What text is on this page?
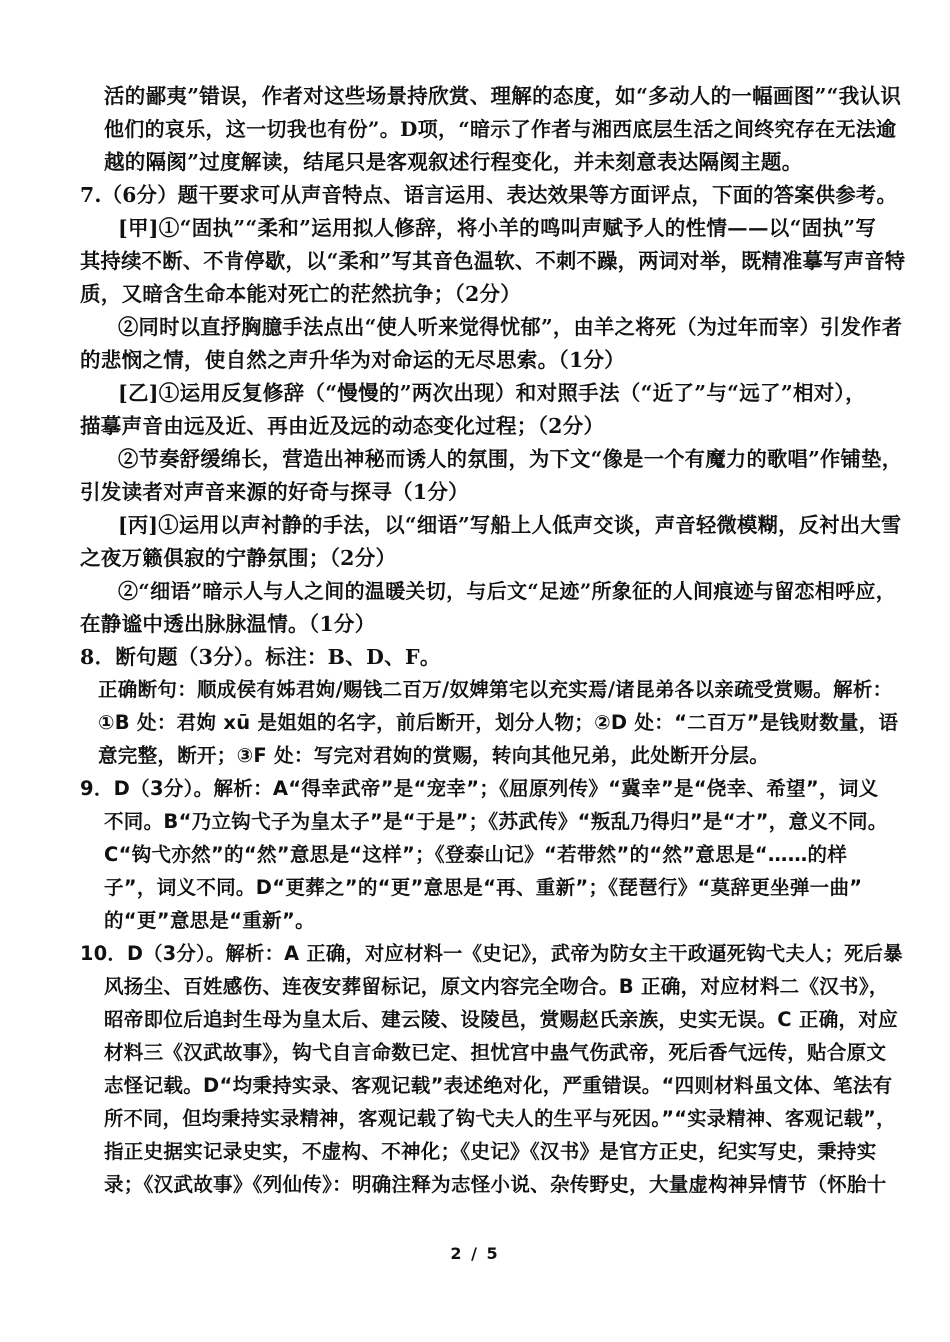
活的鄙夷”错误，作者对这些场景持欣赏、理解的态度，如“多动人的一幅画图”“我认识
他们的哀乐，这一切我也有份”。D项，“暗示了作者与湘西底层生活之间终究存在无法逾
越的隔阂”过度解读，结尾只是客观叙述行程变化，并未刻意表达隔阂主题。
7.（6分）题干要求可从声音特点、语言运用、表达效果等方面评点，下面的答案供参考。
[甲]①“固执”“柔和”运用拟人修辞，将小羊的鸣叫声赋予人的性情——以“固执”写
其持续不断、不肯停歇，以“柔和”写其音色温软、不刺不躁，两词对举，既精准摹写声音特
质，又暗含生命本能对死亡的茫然抗争；（2分）
②同时以直抒胸臆手法点出“使人听来觉得忧郁”，由羊之将死（为过年而宰）引发作者
的悲悯之情，使自然之声升华为对命运的无尽思索。（1分）
[乙]①运用反复修辞（“慢慢的”两次出现）和对照手法（“近了”与“远了”相对），
描摹声音由远及近、再由近及远的动态变化过程；（2分）
②节奏舒缓绵长，营造出神秘而诱人的氛围，为下文“像是一个有魔力的歌唱”作铺垫，
引发读者对声音来源的好奇与探寻（1分）
[丙]①运用以声衬静的手法，以“细语”写船上人低声交谈，声音轻微模糊，反衬出大雪
之夜万籁俱寂的宁静氛围；（2分）
②“细语”暗示人与人之间的温暖关切，与后文“足迹”所象征的人间痕迹与留恋相呼应，
在静谧中透出脉脉温情。（1分）
8．断句题（3分）。标注：B、D、F。
正确断句：顺成侯有姊君姁/赐钱二百万/奴婢第宅以充实焉/诸昆弟各以亲疏受赏赐。解析：
①B 处：君姁 xū 是姐姐的名字，前后断开，划分人物；②D 处：“二百万”是钱财数量，语
意完整，断开；③F 处：写完对君姁的赏赐，转向其他兄弟，此处断开分层。
9．D（3分）。解析：A“得幸武帝”是“宠幸”；《屈原列传》“冀幸”是“侥幸、希望”，词义
不同。B“乃立钩弋子为皇太子”是“于是”；《苏武传》“叛乱乃得归”是“才”，意义不同。
C“钩弋亦然”的“然”意思是“这样”；《登泰山记》“若带然”的“然”意思是“……的样
子”，词义不同。D“更葬之”的“更”意思是“再、重新”；《琵琶行》“莫辞更坐弹一曲”
的“更”意思是“重新”。
10．D（3分）。解析：A 正确，对应材料一《史记》，武帝为防女主干政逼死钩弋夫人；死后暴
风扬尘、百姓感伤、连夜安葬留标记，原文内容完全吻合。B 正确，对应材料二《汉书》，
昭帝即位后追封生母为皇太后、建云陵、设陵邑，赏赐赵氏亲族，史实无误。C 正确，对应
材料三《汉武故事》，钩弋自言命数已定、担忧宫中蛊气伤武帝，死后香气远传，贴合原文
志怪记载。D“均秉持实录、客观记载”表述绝对化，严重错误。“四则材料虽文体、笔法有
所不同，但均秉持实录精神，客观记载了钩弋夫人的生平与死因。”“实录精神、客观记载”，
指正史据实记录史实，不虚构、不神化；《史记》《汉书》是官方正史，纪实写史，秉持实
录；《汉武故事》《列仙传》：明确注释为志怪小说、杂传野史，大量虚构神异情节（怀胎十
2 / 5
